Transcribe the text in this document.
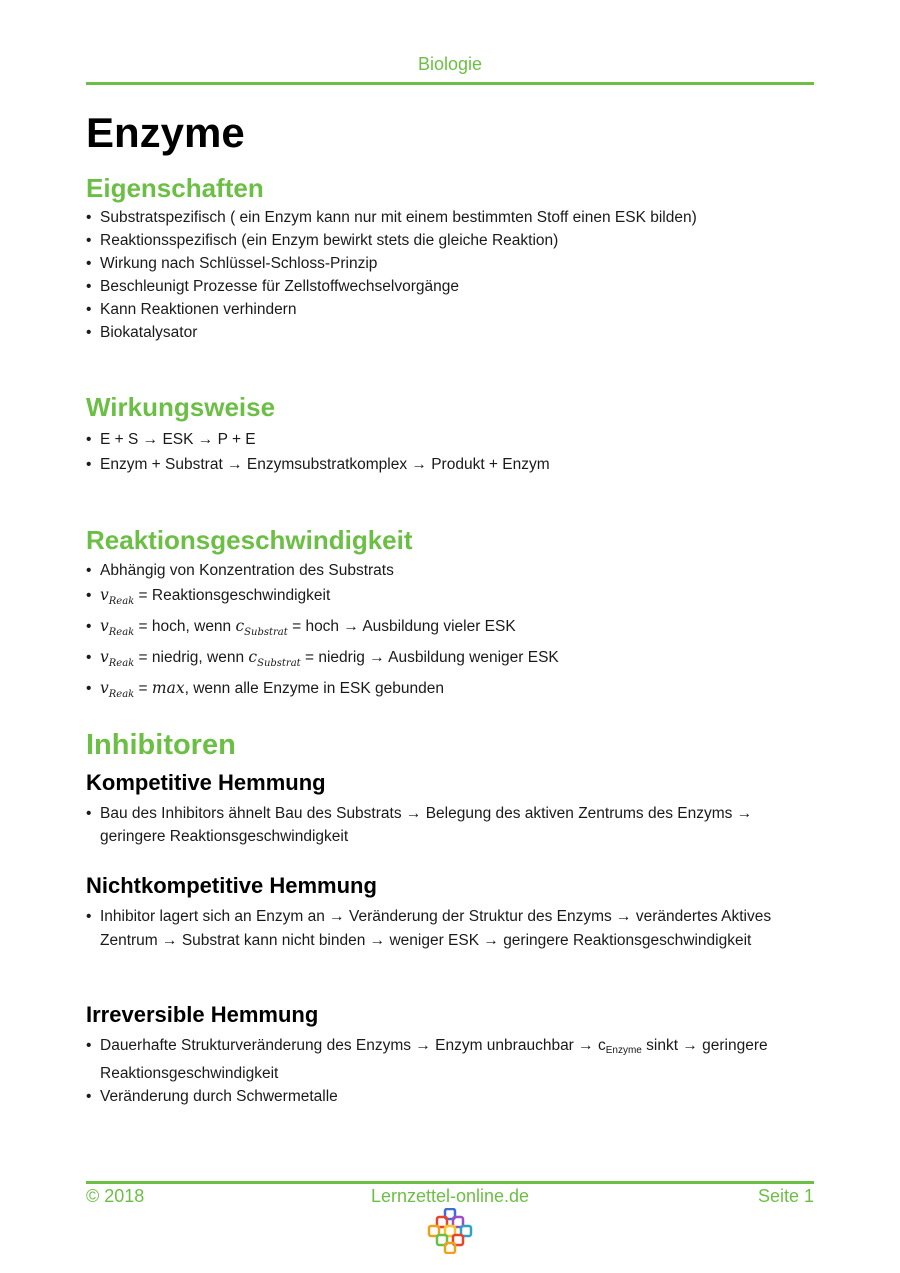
Biologie
Enzyme
Eigenschaften
• Substratspezifisch ( ein Enzym kann nur mit einem bestimmten Stoff einen ESK bilden)
• Reaktionsspezifisch (ein Enzym bewirkt stets die gleiche Reaktion)
• Wirkung nach Schlüssel-Schloss-Prinzip
• Beschleunigt Prozesse für Zellstoffwechselvorgänge
• Kann Reaktionen verhindern
• Biokatalysator
Wirkungsweise
• E + S → ESK → P + E
• Enzym + Substrat → Enzymsubstratkomplex → Produkt + Enzym
Reaktionsgeschwindigkeit
• Abhängig von Konzentration des Substrats
• $v_{Reak}$ = Reaktionsgeschwindigkeit
• $v_{Reak}$ = hoch, wenn $c_{Substrat}$ = hoch → Ausbildung vieler ESK
• $v_{Reak}$ = niedrig, wenn $c_{Substrat}$ = niedrig → Ausbildung weniger ESK
• $v_{Reak} = \max$, wenn alle Enzyme in ESK gebunden
Inhibitoren
Kompetitive Hemmung
• Bau des Inhibitors ähnelt Bau des Substrats → Belegung des aktiven Zentrums des Enzyms → geringere Reaktionsgeschwindigkeit
Nichtkompetitive Hemmung
• Inhibitor lagert sich an Enzym an → Veränderung der Struktur des Enzyms → verändertes Aktives Zentrum → Substrat kann nicht binden → weniger ESK → geringere Reaktionsgeschwindigkeit
Irreversible Hemmung
• Dauerhafte Strukturveränderung des Enzyms → Enzym unbrauchbar → cEnzyme sinkt → geringere Reaktionsgeschwindigkeit
• Veränderung durch Schwermetalle
© 2018	Lernzettel-online.de	Seite 1
